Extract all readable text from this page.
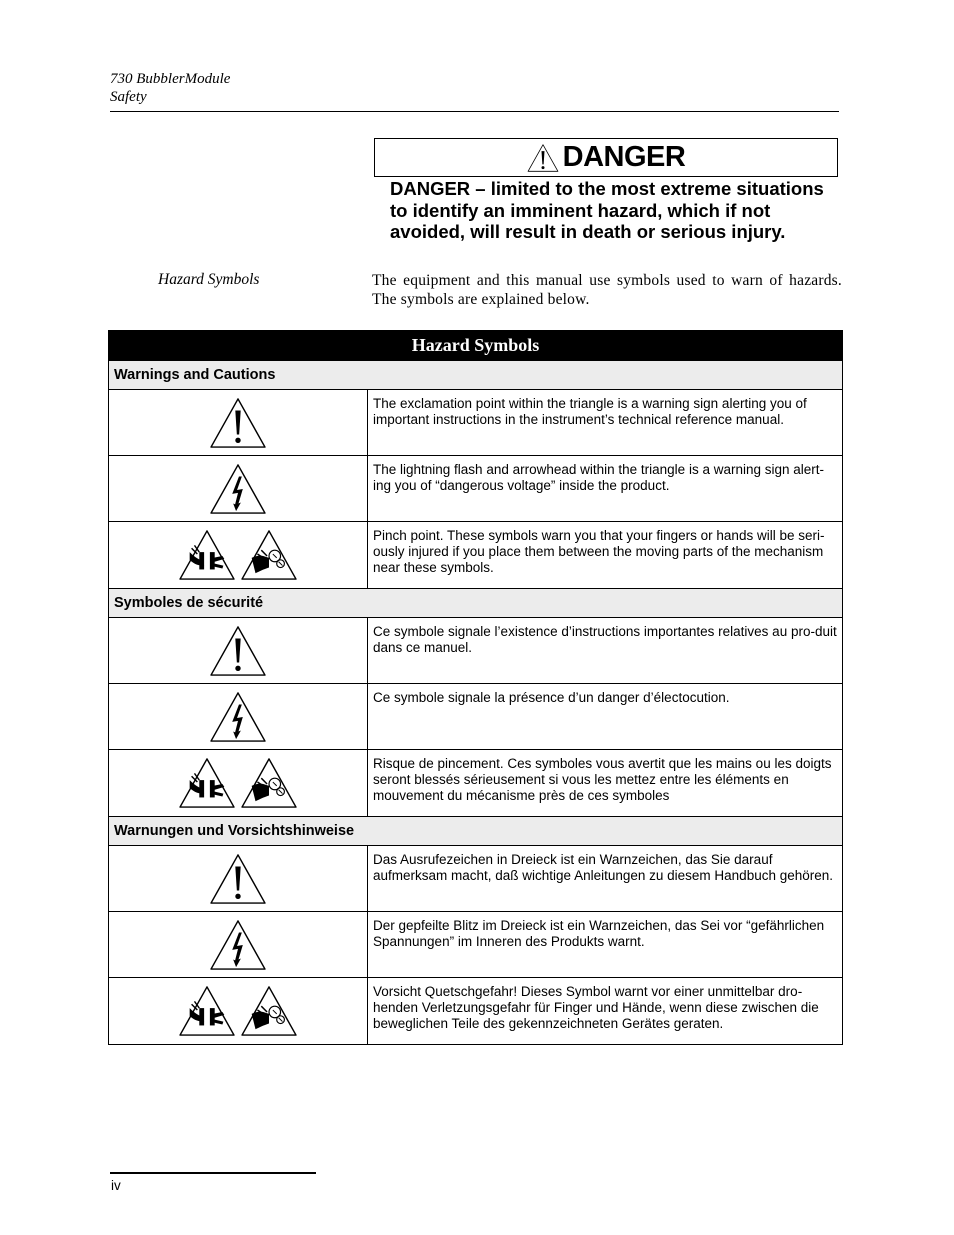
730 BubblerModule
Safety
DANGER
DANGER – limited to the most extreme situations to identify an imminent hazard, which if not avoided, will result in death or serious injury.
Hazard Symbols	The equipment and this manual use symbols used to warn of hazards. The symbols are explained below.
Hazard Symbols
Warnings and Cautions
The exclamation point within the triangle is a warning sign alerting you of important instructions in the instrument’s technical reference manual.
The lightning flash and arrowhead within the triangle is a warning sign alert-ing you of “dangerous voltage” inside the product.
Pinch point. These symbols warn you that your fingers or hands will be seri-ously injured if you place them between the moving parts of the mechanism near these symbols.
Symboles de sécurité
Ce symbole signale l’existence d’instructions importantes relatives au pro-duit dans ce manuel.
Ce symbole signale la présence d’un danger d’électocution.
Risque de pincement. Ces symboles vous avertit que les mains ou les doigts seront blessés sérieusement si vous les mettez entre les éléments en mouvement du mécanisme près de ces symboles
Warnungen und Vorsichtshinweise
Das Ausrufezeichen in Dreieck ist ein Warnzeichen, das Sie darauf aufmerksam macht, daß wichtige Anleitungen zu diesem Handbuch gehören.
Der gepfeilte Blitz im Dreieck ist ein Warnzeichen, das Sei vor “gefährlichen Spannungen” im Inneren des Produkts warnt.
Vorsicht Quetschgefahr! Dieses Symbol warnt vor einer unmittelbar dro-henden Verletzungsgefahr für Finger und Hände, wenn diese zwischen die beweglichen Teile des gekennzeichneten Gerätes geraten.
iv
